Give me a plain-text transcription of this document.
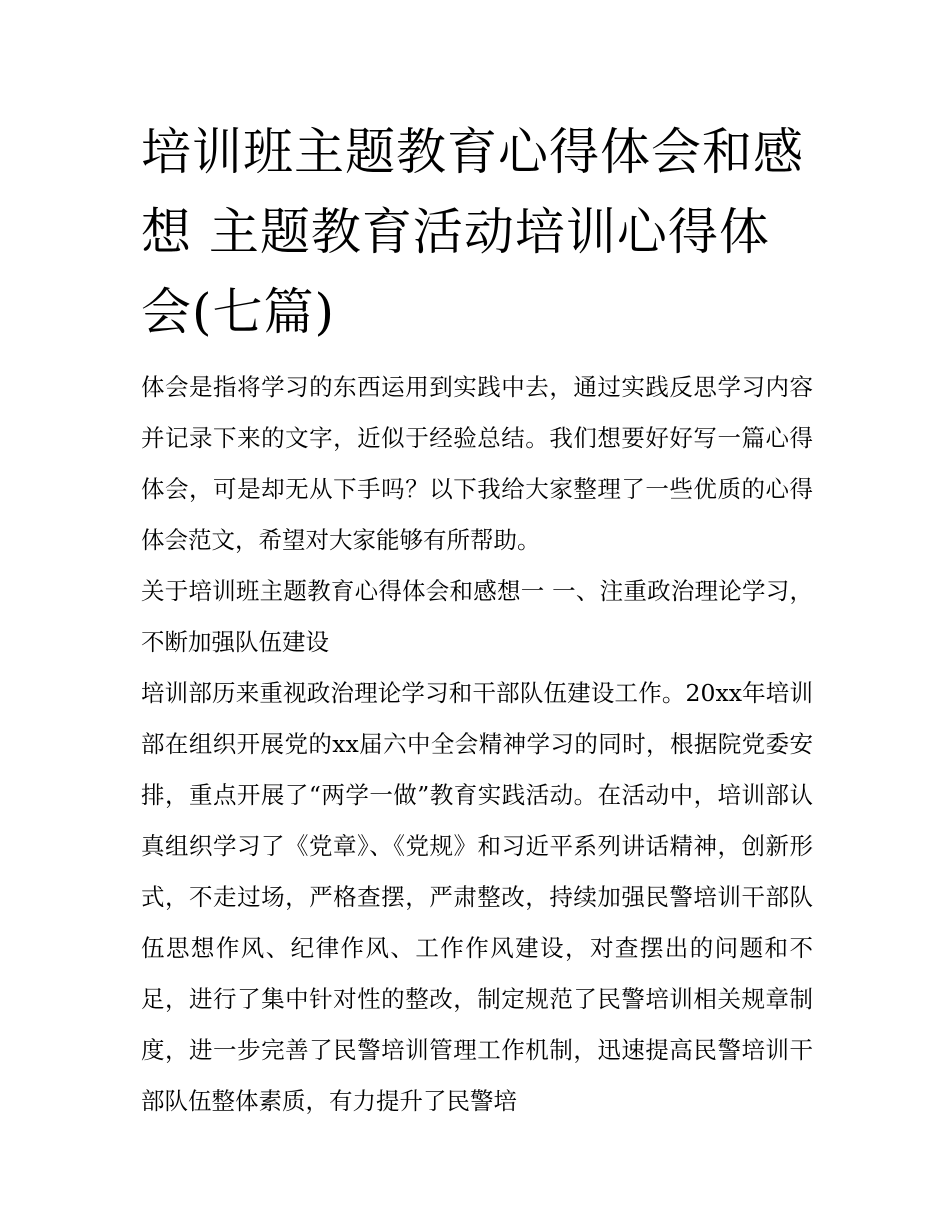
培训班主题教育心得体会和感想 主题教育活动培训心得体会(七篇)

体会是指将学习的东西运用到实践中去，通过实践反思学习内容并记录下来的文字，近似于经验总结。我们想要好好写一篇心得体会，可是却无从下手吗？以下我给大家整理了一些优质的心得体会范文，希望对大家能够有所帮助。

关于培训班主题教育心得体会和感想一 一、注重政治理论学习，不断加强队伍建设

培训部历来重视政治理论学习和干部队伍建设工作。20xx年培训部在组织开展党的xx届六中全会精神学习的同时，根据院党委安排，重点开展了“两学一做”教育实践活动。在活动中，培训部认真组织学习了《党章》、《党规》和习近平系列讲话精神，创新形式，不走过场，严格查摆，严肃整改，持续加强民警培训干部队伍思想作风、纪律作风、工作作风建设，对查摆出的问题和不足，进行了集中针对性的整改，制定规范了民警培训相关规章制度，进一步完善了民警培训管理工作机制，迅速提高民警培训干部队伍整体素质，有力提升了民警培
